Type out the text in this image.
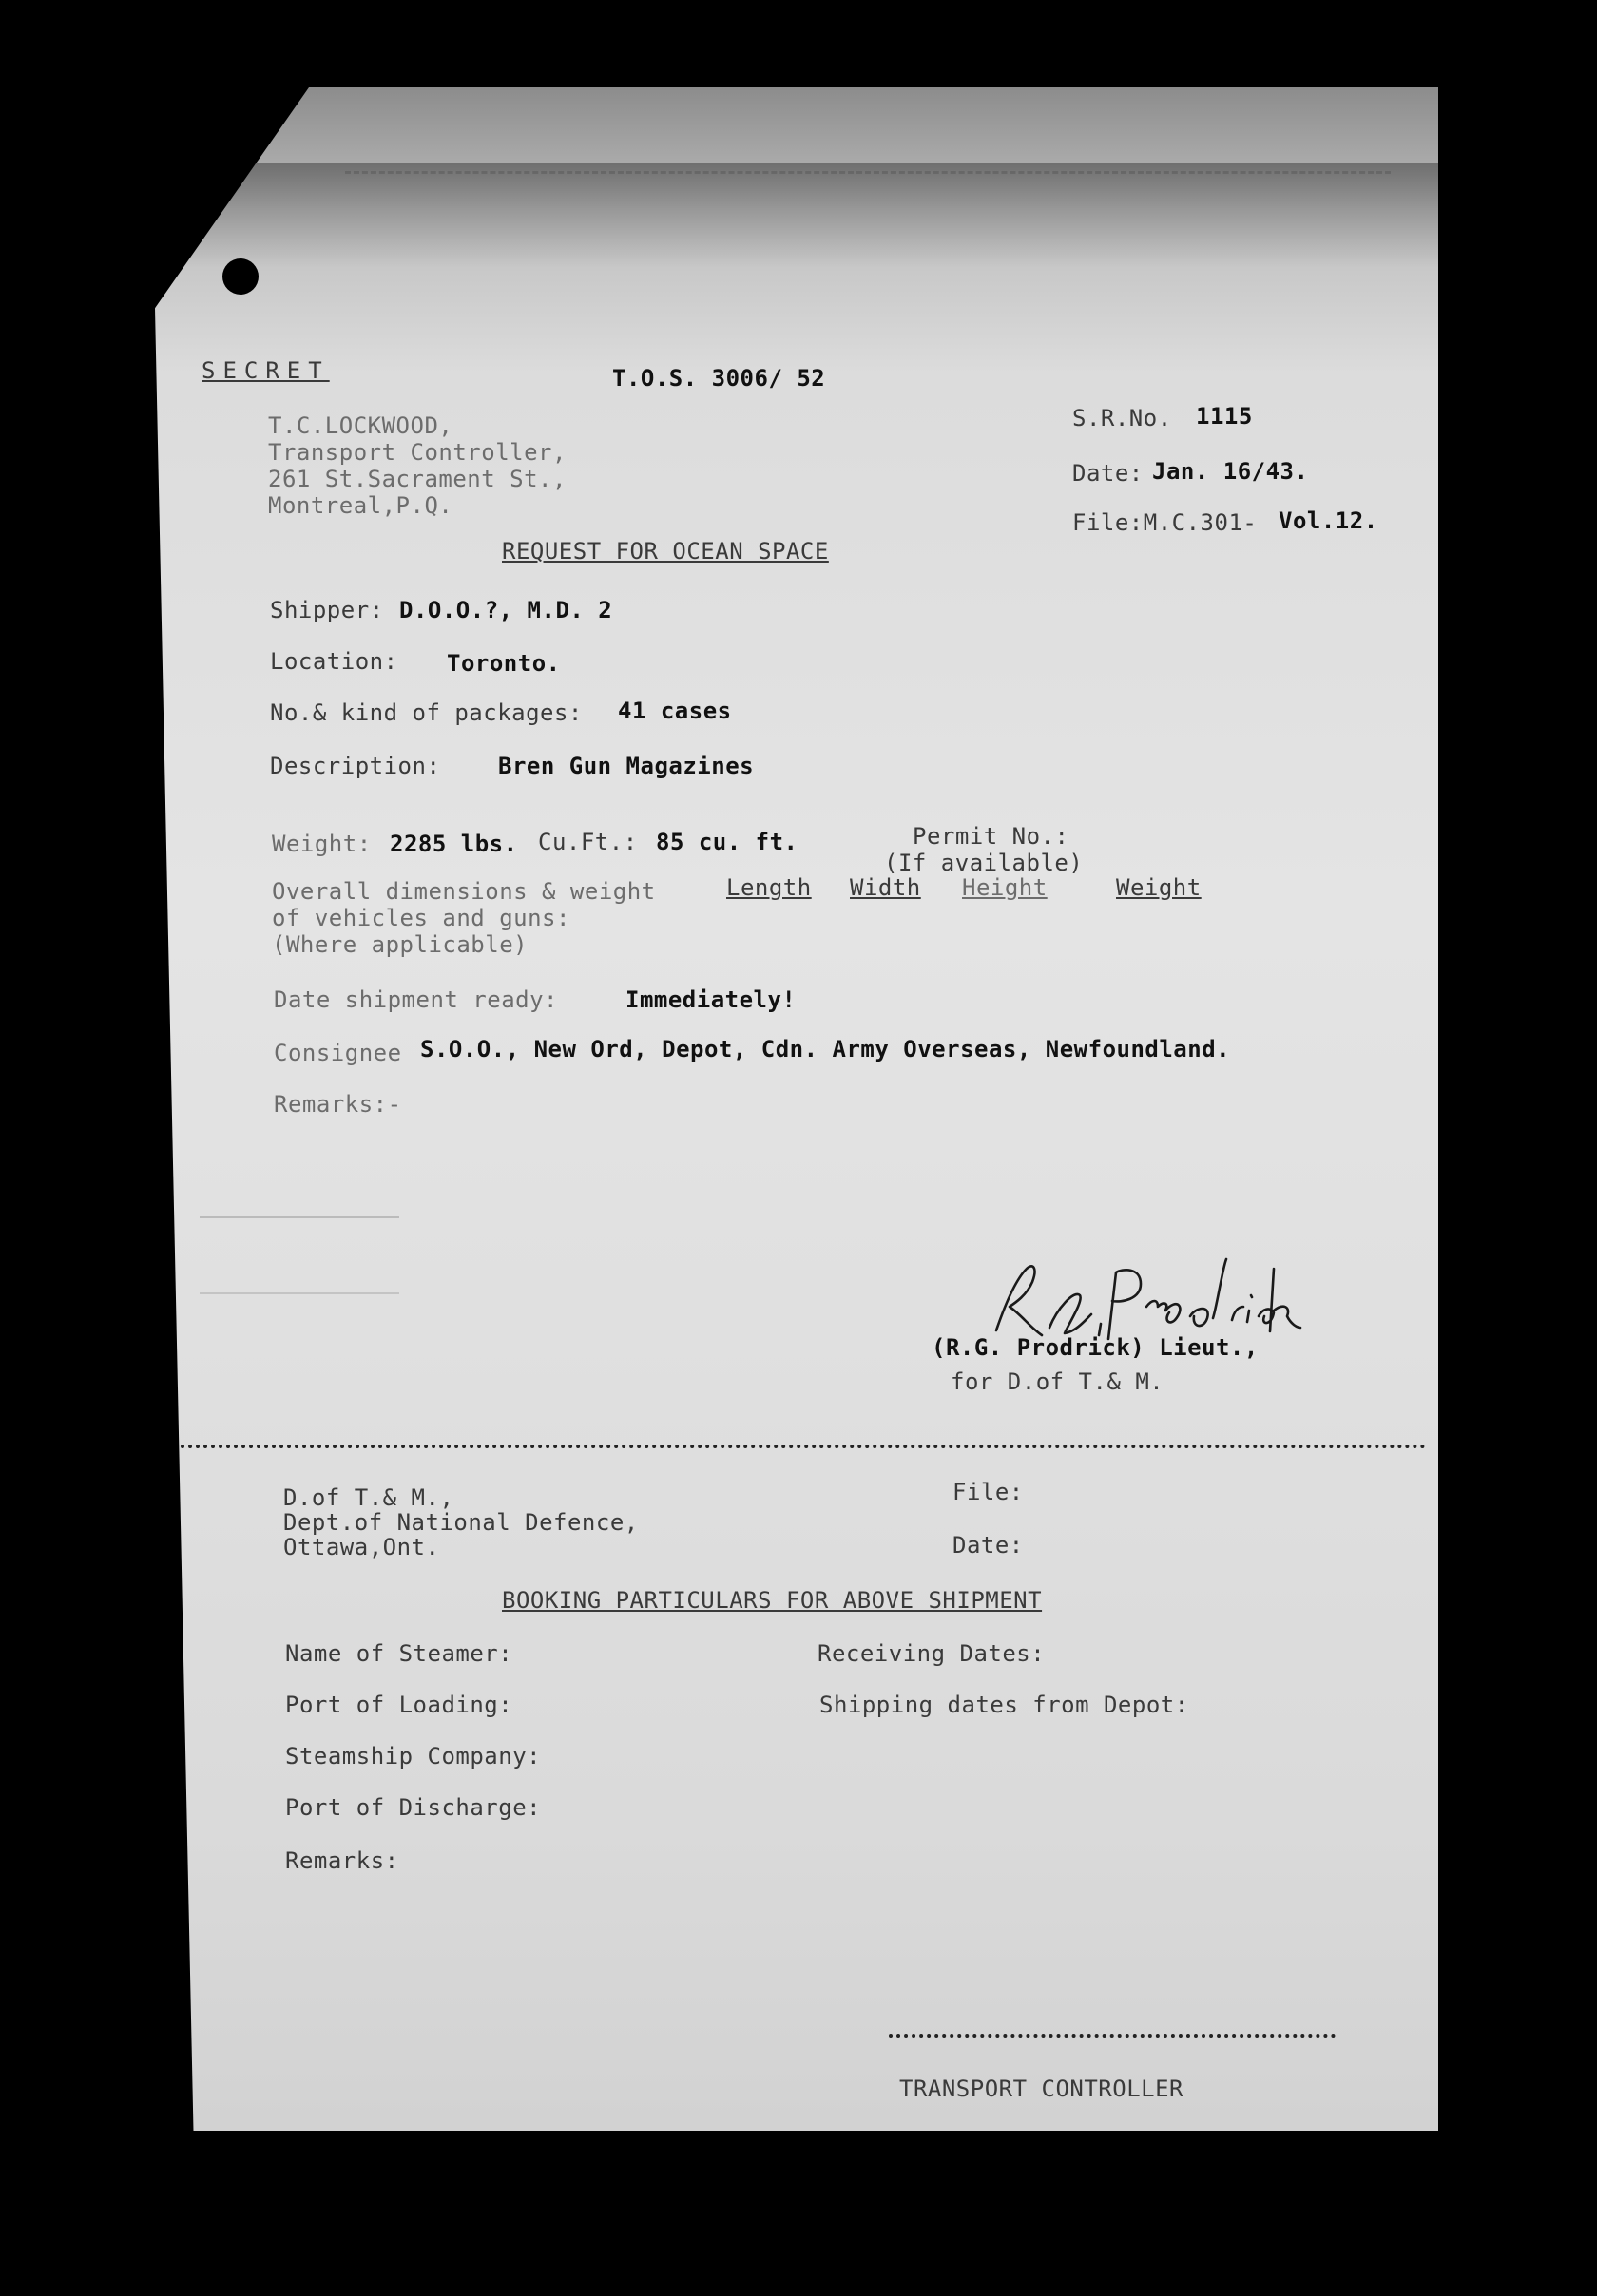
SECRET	T.O.S. 3006/ 52
S.R.No. 1115
Date: Jan. 16/43.
File:M.C.301- Vol.12.
T.C.LOCKWOOD,
Transport Controller,
261 St.Sacrament St.,
Montreal,P.Q.
REQUEST FOR OCEAN SPACE
Shipper: D.O.O.?, M.D. 2
Location: Toronto.
No.& kind of packages: 41 cases
Description:	Bren Gun Magazines
Weight: 2285 lbs. Cu.Ft.: 85 cu. ft.	Permit No.:
(If available)
Overall dimensions & weight
of vehicles and guns:
(Where applicable)
Length Width Height	Weight
Date shipment ready:	Immediately!
Consignee S.O.O., New Ord, Depot, Cdn. Army Overseas, Newfoundland.
Remarks:-
(R.G. Prodrick) Lieut.,
for D.of T.& M.
D.of T.& M.,
Dept.of National Defence,
Ottawa,Ont.
File:
Date:
BOOKING PARTICULARS FOR ABOVE SHIPMENT
Name of Steamer:	Receiving Dates:
Port of Loading:	Shipping dates from Depot:
Steamship Company:
Port of Discharge:
Remarks:
TRANSPORT CONTROLLER
